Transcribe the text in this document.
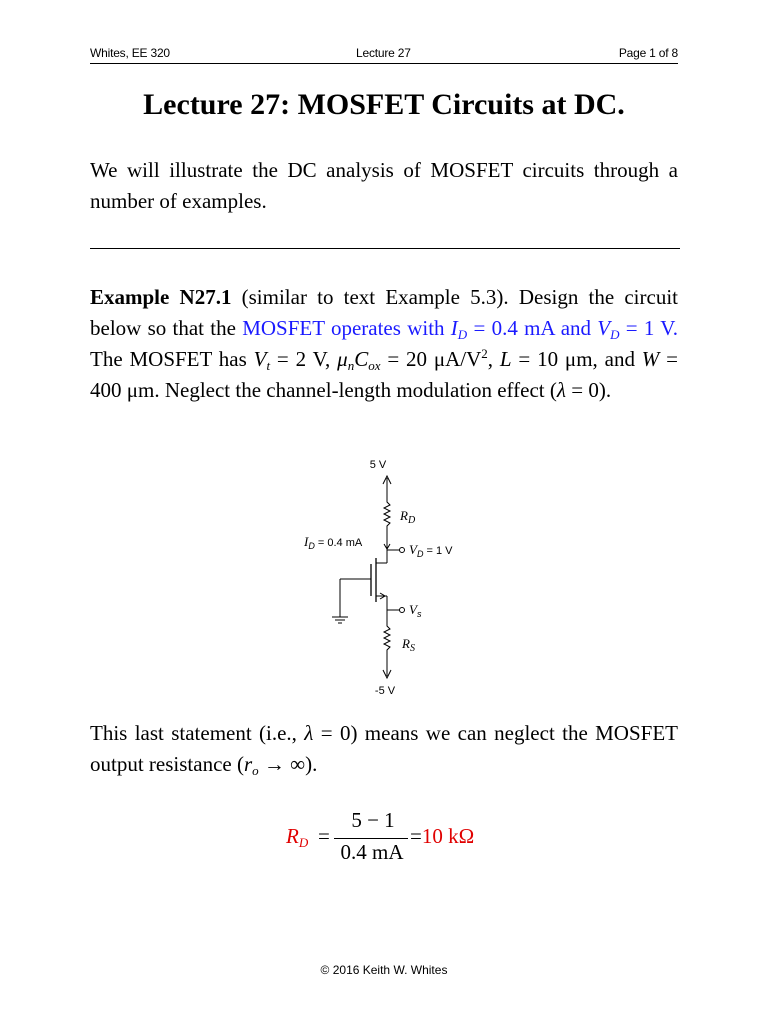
Whites, EE 320	Lecture 27	Page 1 of 8
Lecture 27: MOSFET Circuits at DC.
We will illustrate the DC analysis of MOSFET circuits through a number of examples.
Example N27.1 (similar to text Example 5.3). Design the circuit below so that the MOSFET operates with $I_D = 0.4$ mA and $V_D = 1$ V. The MOSFET has $V_t = 2$ V, $\mu_nC_{ox} = 20$ $\mu A/V^2$, L = 10 μm, and W = 400 μm. Neglect the channel-length modulation effect (λ = 0).
5 V
$R_D$
$I_D = 0.4$ mA	$V_D = 1$ V
$V_s$
$R_S$
-5 V
This last statement (i.e., λ = 0) means we can neglect the MOSFET output resistance ($r_o$ → ∞).
$R_D$ =
5 − 1
0.4 mA
=10 kΩ
© 2016 Keith W. Whites
